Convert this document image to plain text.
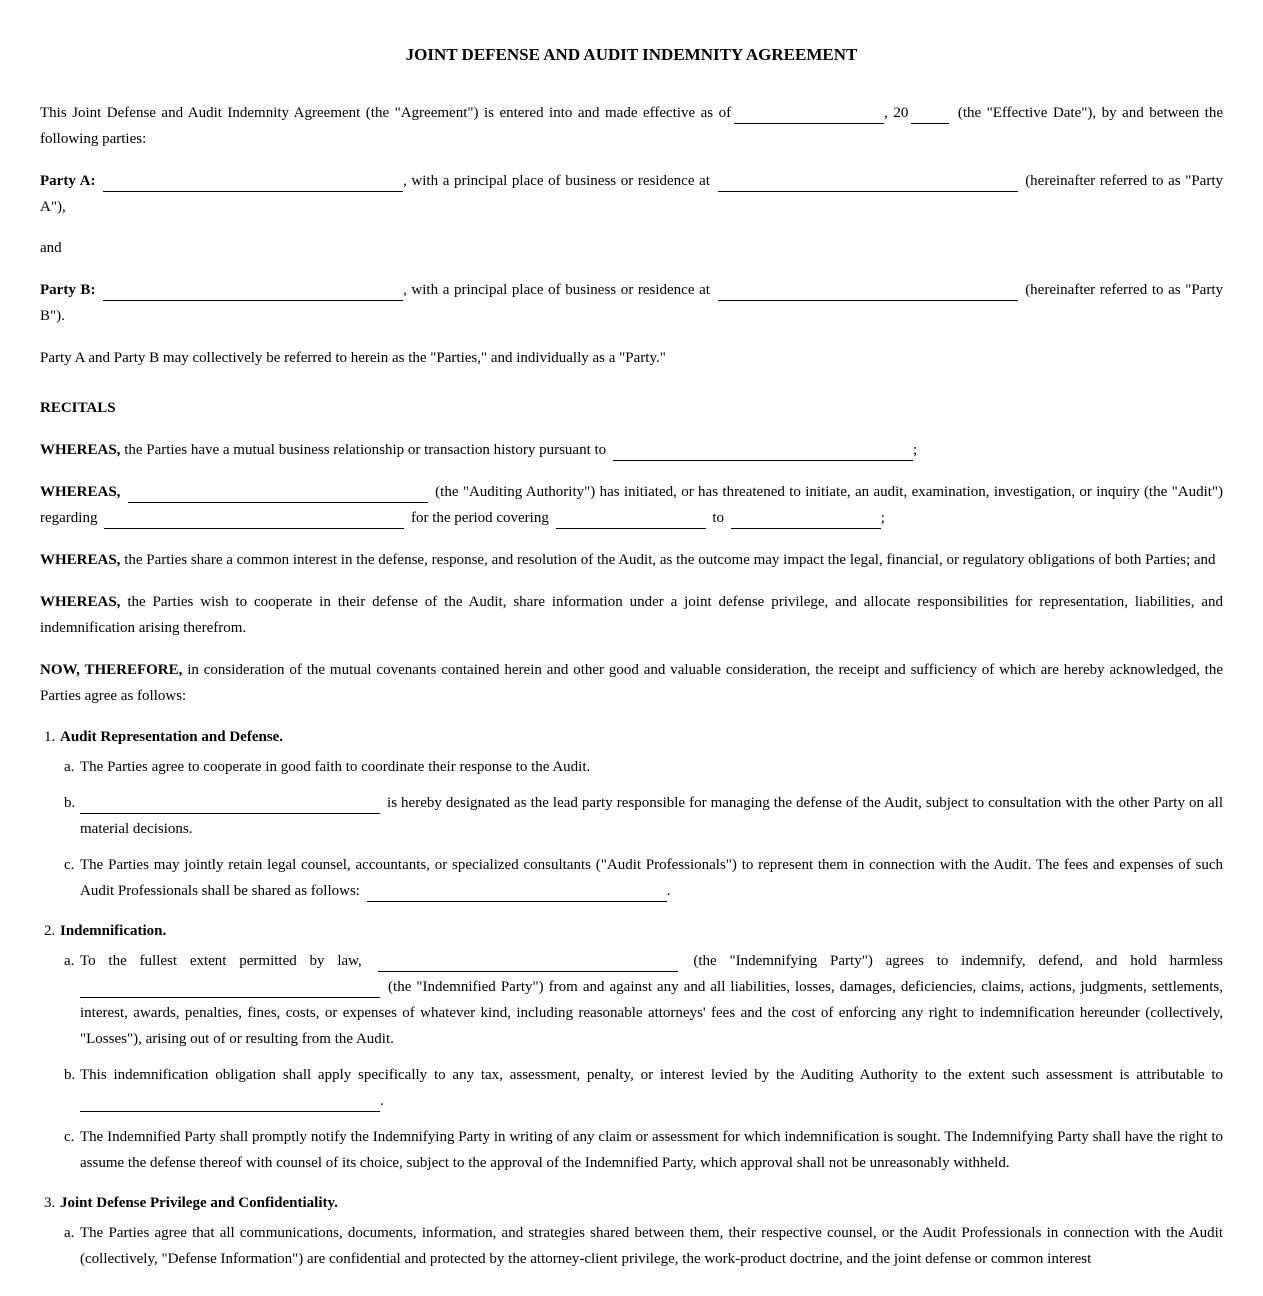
JOINT DEFENSE AND AUDIT INDEMNITY AGREEMENT

This Joint Defense and Audit Indemnity Agreement (the "Agreement") is entered into and made effective as of	, 20	(the "Effective Date"), by and between the following parties:

Party A:	, with a principal place of business or residence at	(hereinafter referred to as "Party A"),

and

Party B:	, with a principal place of business or residence at	(hereinafter referred to as "Party B").

Party A and Party B may collectively be referred to herein as the "Parties," and individually as a "Party."

RECITALS

WHEREAS, the Parties have a mutual business relationship or transaction history pursuant to	;

WHEREAS,	(the "Auditing Authority") has initiated, or has threatened to initiate, an audit, examination, investigation, or inquiry (the "Audit") regarding	for the period covering	to	;

WHEREAS, the Parties share a common interest in the defense, response, and resolution of the Audit, as the outcome may impact the legal, financial, or regulatory obligations of both Parties; and

WHEREAS, the Parties wish to cooperate in their defense of the Audit, share information under a joint defense privilege, and allocate responsibilities for representation, liabilities, and indemnification arising therefrom.

NOW, THEREFORE, in consideration of the mutual covenants contained herein and other good and valuable consideration, the receipt and sufficiency of which are hereby acknowledged, the Parties agree as follows:

1. Audit Representation and Defense.
a. The Parties agree to cooperate in good faith to coordinate their response to the Audit.

b.	is hereby designated as the lead party responsible for managing the defense of the Audit, subject to consultation with the other Party on all material decisions.

c. The Parties may jointly retain legal counsel, accountants, or specialized consultants ("Audit Professionals") to represent them in connection with the Audit. The fees and expenses of such Audit Professionals shall be shared as follows:	.

2. Indemnification.
a. To the fullest extent permitted by law,	(the "Indemnifying Party") agrees to indemnify, defend, and hold harmless  (the "Indemnified Party") from and against any and all liabilities, losses, damages, deficiencies, claims, actions, judgments, settlements, interest, awards, penalties, fines, costs, or expenses of whatever kind, including reasonable attorneys' fees and the cost of enforcing any right to indemnification hereunder (collectively, "Losses"), arising out of or resulting from the Audit.

b. This indemnification obligation shall apply specifically to any tax, assessment, penalty, or interest levied by the Auditing Authority to the extent such assessment is attributable to .

c. The Indemnified Party shall promptly notify the Indemnifying Party in writing of any claim or assessment for which indemnification is sought. The Indemnifying Party shall have the right to assume the defense thereof with counsel of its choice, subject to the approval of the Indemnified Party, which approval shall not be unreasonably withheld.

3. Joint Defense Privilege and Confidentiality.
a. The Parties agree that all communications, documents, information, and strategies shared between them, their respective counsel, or the Audit Professionals in connection with the Audit (collectively, "Defense Information") are confidential and protected by the attorney-client privilege, the work-product doctrine, and the joint defense or common interest
